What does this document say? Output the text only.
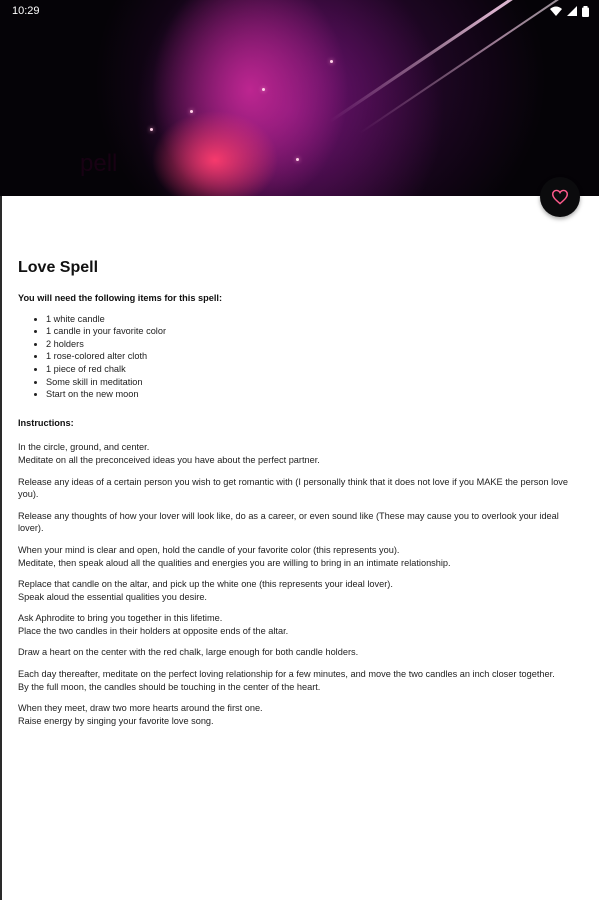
pell
10:29
Love Spell
You will need the following items for this spell:
• 1 white candle
• 1 candle in your favorite color
• 2 holders
• 1 rose-colored alter cloth
• 1 piece of red chalk
• Some skill in meditation
• Start on the new moon
Instructions:

In the circle, ground, and center.
Meditate on all the preconceived ideas you have about the perfect partner.

Release any ideas of a certain person you wish to get romantic with (I personally think that it does not love if you MAKE the person love you).

Release any thoughts of how your lover will look like, do as a career, or even sound like (These may cause you to overlook your ideal lover).

When your mind is clear and open, hold the candle of your favorite color (this represents you).
Meditate, then speak aloud all the qualities and energies you are willing to bring in an intimate relationship.

Replace that candle on the altar, and pick up the white one (this represents your ideal lover).
Speak aloud the essential qualities you desire.

Ask Aphrodite to bring you together in this lifetime.
Place the two candles in their holders at opposite ends of the altar.

Draw a heart on the center with the red chalk, large enough for both candle holders.

Each day thereafter, meditate on the perfect loving relationship for a few minutes, and move the two candles an inch closer together.
By the full moon, the candles should be touching in the center of the heart.

When they meet, draw two more hearts around the first one.
Raise energy by singing your favorite love song.
